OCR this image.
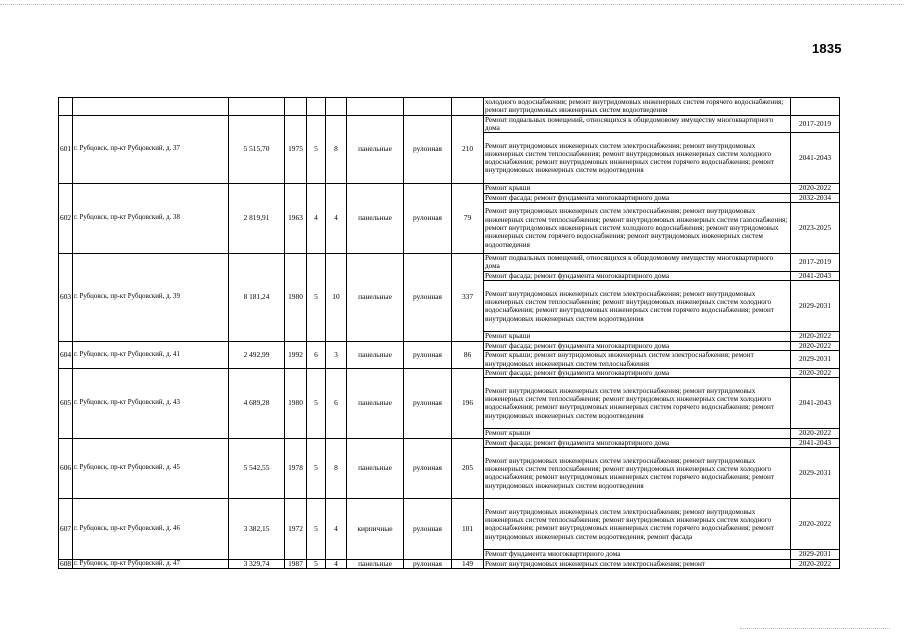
1835
									холодного водоснабжения; ремонт внутридомовых инженерных систем горячего водоснабжения; ремонт внутридомовых инженерных систем водоотведения	
601	г. Рубцовск, пр-кт Рубцовский, д. 37	5 515,70	1975	5	8	панельные	рулонная	210	Ремонт подвальных помещений, относящихся к общедомовому имуществу многоквартирного дома	2017-2019
									Ремонт внутридомовых инженерных систем электроснабжения; ремонт внутридомовых инженерных систем теплоснабжения; ремонт внутридомовых инженерных систем холодного водоснабжения; ремонт внутридомовых инженерных систем горячего водоснабжения; ремонт внутридомовых инженерных систем водоотведения	2041-2043
602	г. Рубцовск, пр-кт Рубцовский, д. 38	2 819,91	1963	4	4	панельные	рулонная	79	Ремонт крыши	2020-2022
									Ремонт фасада; ремонт фундамента многоквартирного дома	2032-2034
									Ремонт внутридомовых инженерных систем электроснабжения; ремонт внутридомовых инженерных систем теплоснабжения; ремонт внутридомовых инженерных систем газоснабжения; ремонт внутридомовых инженерных систем холодного водоснабжения; ремонт внутридомовых инженерных систем горячего водоснабжения; ремонт внутридомовых инженерных систем водоотведения	2023-2025
603	г. Рубцовск, пр-кт Рубцовский, д. 39	8 181,24	1980	5	10	панельные	рулонная	337	Ремонт подвальных помещений, относящихся к общедомовому имуществу многоквартирного дома	2017-2019
									Ремонт фасада; ремонт фундамента многоквартирного дома	2041-2043
									Ремонт внутридомовых инженерных систем электроснабжения; ремонт внутридомовых инженерных систем теплоснабжения; ремонт внутридомовых инженерных систем холодного водоснабжения; ремонт внутридомовых инженерных систем горячего водоснабжения; ремонт внутридомовых инженерных систем водоотведения	2029-2031
									Ремонт крыши	2020-2022
604	г. Рубцовск, пр-кт Рубцовский, д. 41	2 492,99	1992	6	3	панельные	рулонная	86	Ремонт фасада; ремонт фундамента многоквартирного дома	2020-2022
									Ремонт крыши; ремонт внутридомовых инженерных систем электроснабжения; ремонт внутридомовых инженерных систем теплоснабжения	2029-2031
605	г. Рубцовск, пр-кт Рубцовский, д. 43	4 689,28	1980	5	6	панельные	рулонная	196	Ремонт фасада; ремонт фундамента многоквартирного дома	2020-2022
									Ремонт внутридомовых инженерных систем электроснабжения; ремонт внутридомовых инженерных систем теплоснабжения; ремонт внутридомовых инженерных систем холодного водоснабжения; ремонт внутридомовых инженерных систем горячего водоснабжения; ремонт внутридомовых инженерных систем водоотведения	2041-2043
									Ремонт крыши	2020-2022
606	г. Рубцовск, пр-кт Рубцовский, д. 45	5 542,55	1978	5	8	панельные	рулонная	205	Ремонт фасада; ремонт фундамента многоквартирного дома	2041-2043
									Ремонт внутридомовых инженерных систем электроснабжения; ремонт внутридомовых инженерных систем теплоснабжения; ремонт внутридомовых инженерных систем холодного водоснабжения; ремонт внутридомовых инженерных систем горячего водоснабжения; ремонт внутридомовых инженерных систем водоотведения	2029-2031
607	г. Рубцовск, пр-кт Рубцовский, д. 46	3 382,15	1972	5	4	кирпичные	рулонная	101	Ремонт внутридомовых инженерных систем электроснабжения; ремонт внутридомовых инженерных систем теплоснабжения; ремонт внутридомовых инженерных систем холодного водоснабжения; ремонт внутридомовых инженерных систем горячего водоснабжения; ремонт внутридомовых инженерных систем водоотведения, ремонт фасада	2020-2022
									Ремонт фундамента многоквартирного дома	2029-2031
608	г. Рубцовск, пр-кт Рубцовский, д. 47	3 329,74	1987	5	4	панельные	рулонная	149	Ремонт внутридомовых инженерных систем электроснабжения; ремонт	2020-2022
